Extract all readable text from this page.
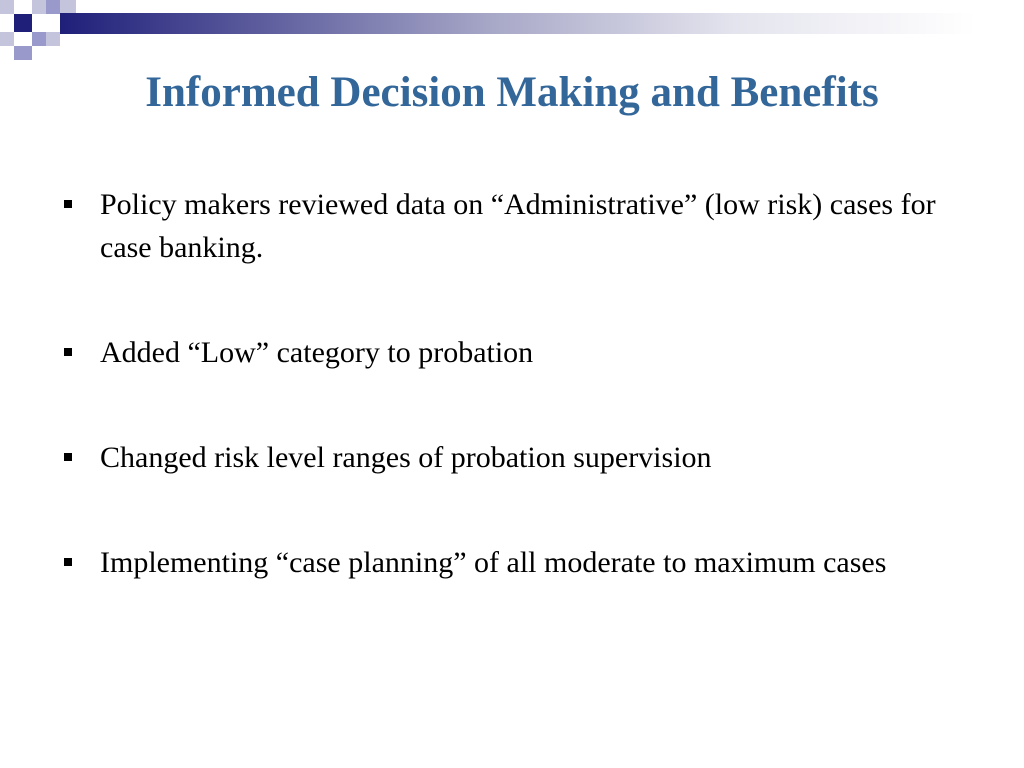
Informed Decision Making and Benefits
Policy makers reviewed data on “Administrative” (low risk) cases for case banking.
Added “Low” category to probation
Changed risk level ranges of probation supervision
Implementing “case planning” of all moderate to maximum cases
